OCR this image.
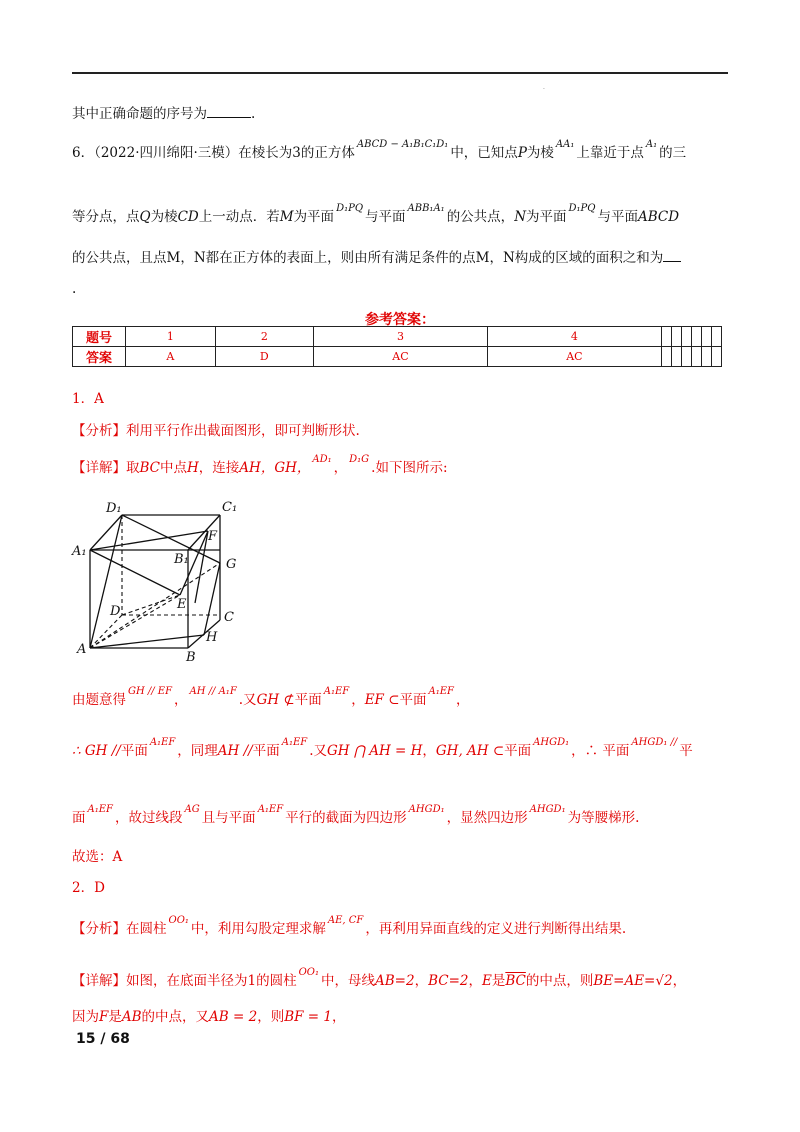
·
其中正确命题的序号为	.
6．（2022·四川绵阳·三模）在棱长为3的正方体$^{ABCD - A_1B_1C_1D_1}$中，已知点P为棱$^{AA_1}$上靠近于点$^{A_1}$的三
等分点，点Q为棱CD上一动点．若M为平面$^{D_1PQ}$与平面$^{ABB_1A_1}$的公共点，N为平面$^{D_1PQ}$与平面ABCD
的公共点，且点M，N都在正方体的表面上，则由所有满足条件的点M，N构成的区域的面积之和为
.
参考答案：
题号	1	2	3	4						
答案	A	D	AC	AC						
1．A
【分析】利用平行作出截面图形，即可判断形状.
【详解】取BC中点H，连接AH，GH，$^{AD_1}$，$^{D_1G}$.如下图所示:
D₁	C₁
A₁
B₁
F
G
D	E
C
H
A
B
由题意得$^{GH // EF}$，$^{AH // A_1F}$.又GH ⊄平面$^{A_1EF}$，EF ⊂平面$^{A_1EF}$，
∴ GH //平面$^{A_1EF}$，同理AH //平面$^{A_1EF}$.又GH ⋂ AH = H，GH, AH ⊂平面$^{AHGD_1}$，∴ 平面$^{AHGD_1 //}$平
面$^{A_1EF}$，故过线段$^{AG}$且与平面$^{A_1EF}$平行的截面为四边形$^{AHGD_1}$，显然四边形$^{AHGD_1}$为等腰梯形.
故选：A
2．D
【分析】在圆柱$^{OO_1}$中，利用勾股定理求解$^{AE, CF}$，再利用异面直线的定义进行判断得出结果.
【详解】如图，在底面半径为1的圆柱$^{OO_1}$中，母线AB=2，BC=2，E是$\overline{BC}$的中点，则BE=AE=√2，
因为F是AB的中点，又AB = 2，则BF = 1，
15 / 68
